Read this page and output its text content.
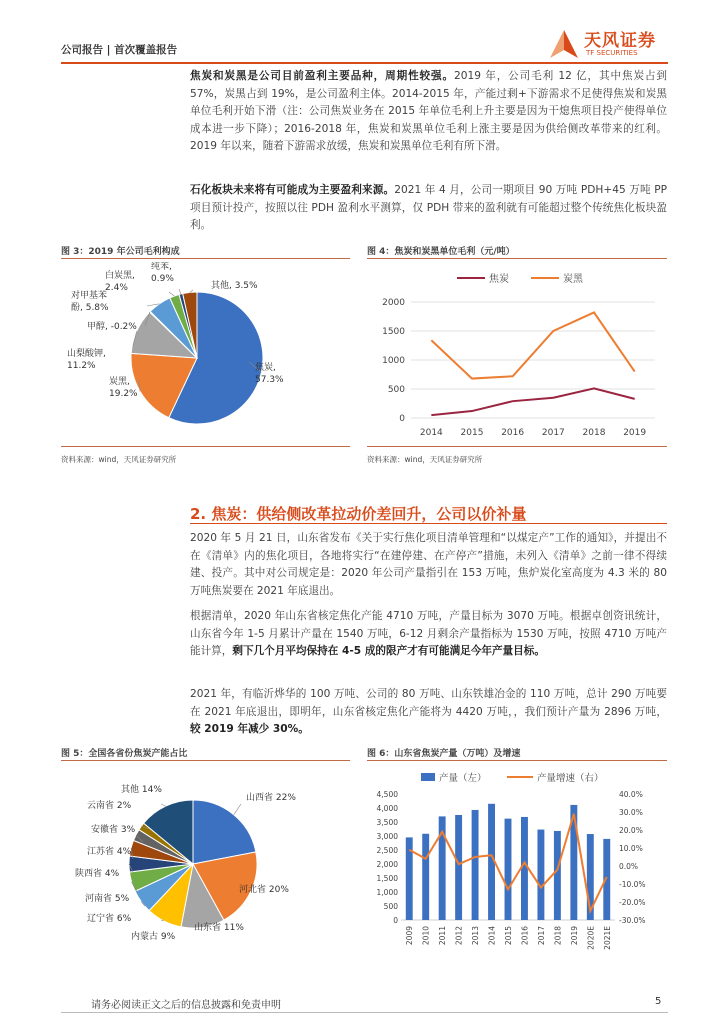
公司报告 | 首次覆盖报告	天风证券
TF SECURITIES
焦炭和炭黑是公司目前盈利主要品种，周期性较强。2019 年，公司毛利 12 亿，其中焦炭占到 57%，炭黑占到 19%，是公司盈利主体。2014-2015 年，产能过剩+下游需求不足使得焦炭和炭黑单位毛利开始下滑（注：公司焦炭业务在 2015 年单位毛利上升主要是因为干熄焦项目投产使得单位成本进一步下降）；2016-2018 年，焦炭和炭黑单位毛利上涨主要是因为供给侧改革带来的红利。2019 年以来，随着下游需求放缓，焦炭和炭黑单位毛利有所下滑。
石化板块未来将有可能成为主要盈利来源。2021 年 4 月，公司一期项目 90 万吨 PDH+45 万吨 PP 项目预计投产，按照以往 PDH 盈利水平测算，仅 PDH 带来的盈利就有可能超过整个传统焦化板块盈利。
图 3：2019 年公司毛利构成
焦炭,
57.3%
炭黑,
19.2%
山梨酸钾,
11.2%
甲醇, -0.2%
对甲基苯
酚, 5.8%
白炭黑,
2.4%
纯苯,
0.9%
其他, 3.5%
资料来源：wind，天风证券研究所
图 4：焦炭和炭黑单位毛利（元/吨）
0
500
1000
1500
2000
2014 2015 2016 2017 2018 2019
焦炭	炭黑
资料来源：wind，天风证券研究所
2. 焦炭：供给侧改革拉动价差回升，公司以价补量
2020 年 5 月 21 日，山东省发布《关于实行焦化项目清单管理和“以煤定产”工作的通知》，并提出不在《清单》内的焦化项目，各地将实行“在建停建、在产停产”措施，未列入《清单》之前一律不得续建、投产。其中对公司规定是：2020 年公司产量指引在 153 万吨，焦炉炭化室高度为 4.3 米的 80 万吨焦炭要在 2021 年底退出。
根据清单，2020 年山东省核定焦化产能 4710 万吨，产量目标为 3070 万吨。根据卓创资讯统计，山东省今年 1-5 月累计产量在 1540 万吨，6-12 月剩余产量指标为 1530 万吨，按照 4710 万吨产能计算，剩下几个月平均保持在 4-5 成的限产才有可能满足今年产量目标。
2021 年，有临沂烨华的 100 万吨、公司的 80 万吨、山东铁雄冶金的 110 万吨，总计 290 万吨要在 2021 年底退出，即明年，山东省核定焦化产能将为 4420 万吨，，我们预计产量为 2896 万吨，较 2019 年减少 30%。
图 5：全国各省份焦炭产能占比
山西省 22%
河北省 20%
山东省 11%
内蒙古 9%
辽宁省 6%
河南省 5%
陕西省 4%
江苏省 4%
安徽省 3%
云南省 2%
其他 14%
图 6：山东省焦炭产量（万吨）及增速
0
500
1,000
1,500
2,000
2,500
3,000
3,500
4,000
4,500
-30.0%
-20.0%
-10.0%
0.0%
10.0%
20.0%
30.0%
40.0%
2009 2010 2011 2012 2013 2014 2015 2016 2017 2018 2019 2020E 2021E
产量（左）	产量增速（右）
请务必阅读正文之后的信息披露和免责申明	5
